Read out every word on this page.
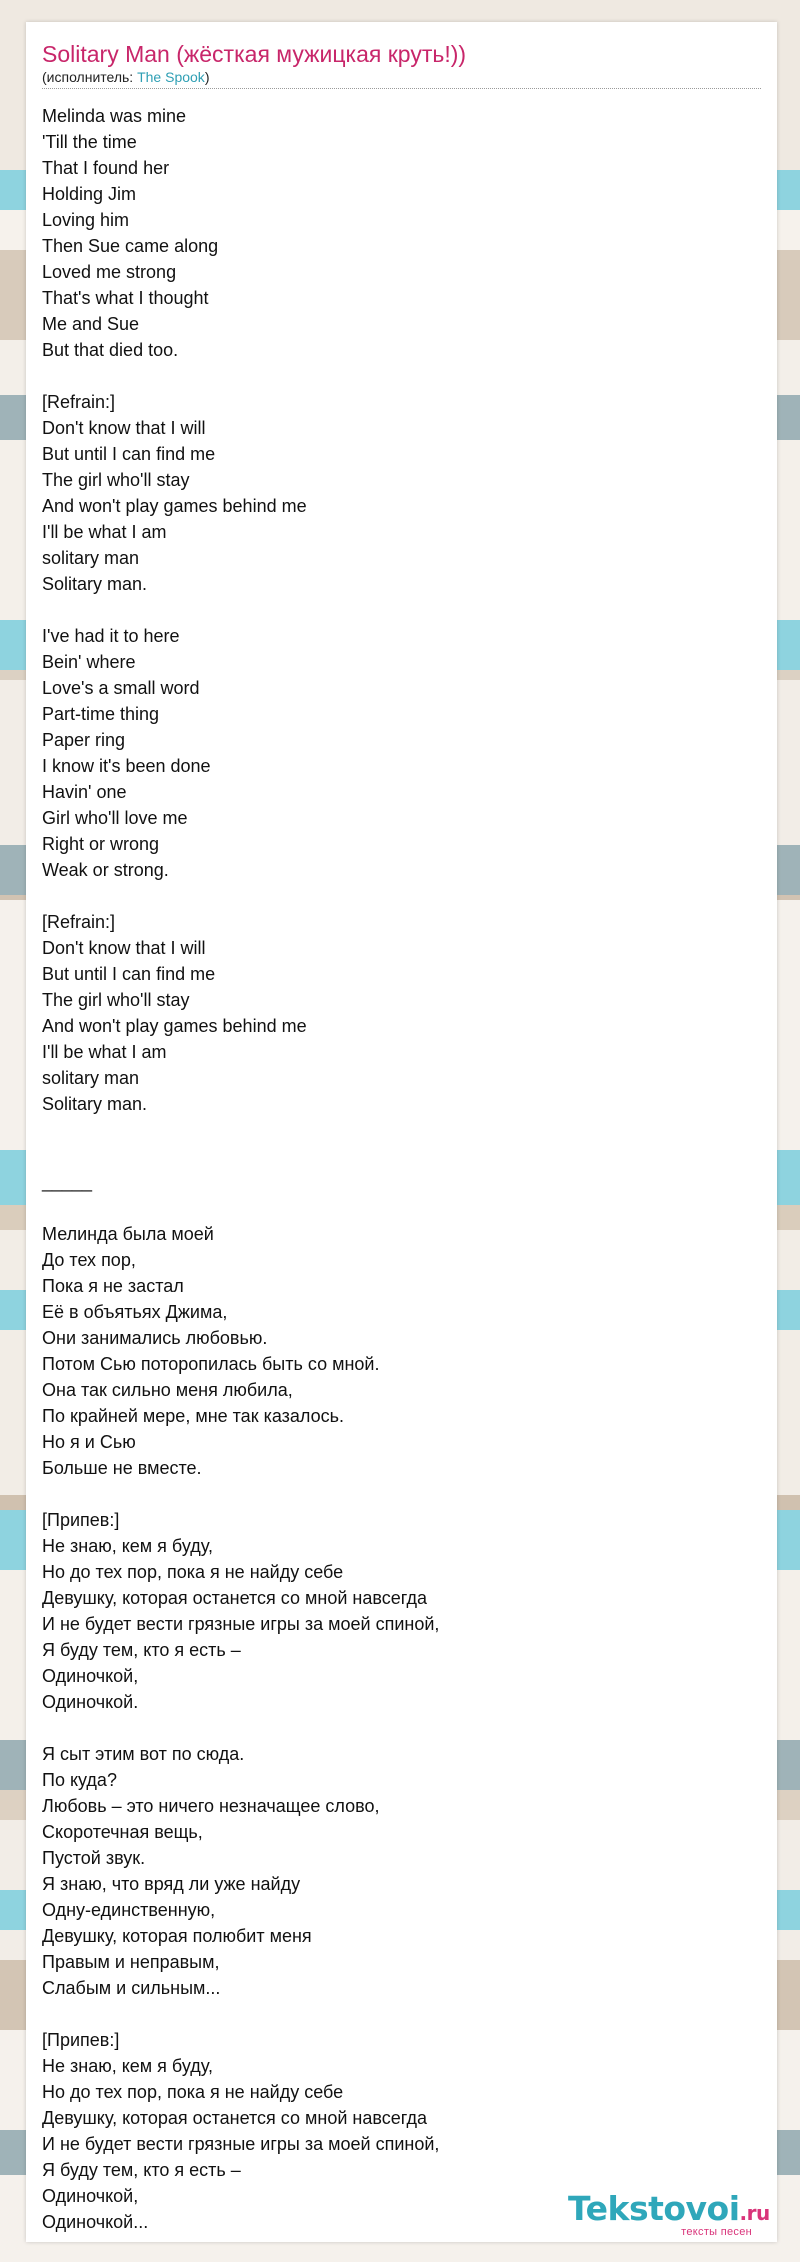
Solitary Man (жёсткая мужицкая круть!))
(исполнитель: The Spook)
Melinda was mine
'Till the time
That I found her
Holding Jim
Loving him
Then Sue came along
Loved me strong
That's what I thought
Me and Sue
But that died too.
[Refrain:]
Don't know that I will
But until I can find me
The girl who'll stay
And won't play games behind me
I'll be what I am
solitary man
Solitary man.
I've had it to here
Bein' where
Love's a small word
Part-time thing
Paper ring
I know it's been done
Havin' one
Girl who'll love me
Right or wrong
Weak or strong.
[Refrain:]
Don't know that I will
But until I can find me
The girl who'll stay
And won't play games behind me
I'll be what I am
solitary man
Solitary man.
_____
Мелинда была моей
До тех пор,
Пока я не застал
Её в объятьях Джима,
Они занимались любовью.
Потом Сью поторопилась быть со мной.
Она так сильно меня любила,
По крайней мере, мне так казалось.
Но я и Сью
Больше не вместе.
[Припев:]
Не знаю, кем я буду,
Но до тех пор, пока я не найду себе
Девушку, которая останется со мной навсегда
И не будет вести грязные игры за моей спиной,
Я буду тем, кто я есть –
Одиночкой,
Одиночкой.
Я сыт этим вот по сюда.
По куда?
Любовь – это ничего незначащее слово,
Скоротечная вещь,
Пустой звук.
Я знаю, что вряд ли уже найду
Одну-единственную,
Девушку, которая полюбит меня
Правым и неправым,
Слабым и сильным...
[Припев:]
Не знаю, кем я буду,
Но до тех пор, пока я не найду себе
Девушку, которая останется со мной навсегда
И не будет вести грязные игры за моей спиной,
Я буду тем, кто я есть –
Одиночкой,
Одиночкой...	Tekstovoi.ru
тексты песен
